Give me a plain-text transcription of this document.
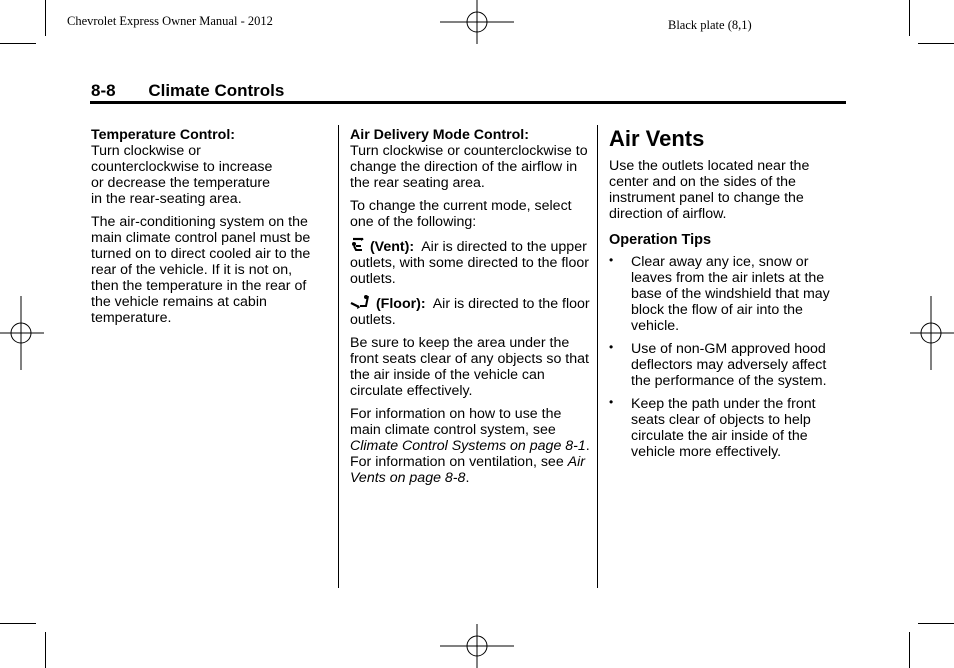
Chevrolet Express Owner Manual - 2012	Black plate (8,1)
8-8 Climate Controls

Temperature Control:
Turn clockwise or counterclockwise to increase or decrease the temperature in the rear-seating area.

The air-conditioning system on the main climate control panel must be turned on to direct cooled air to the rear of the vehicle. If it is not on, then the temperature in the rear of the vehicle remains at cabin temperature.

Air Delivery Mode Control:
Turn clockwise or counterclockwise to change the direction of the airflow in the rear seating area.

To change the current mode, select one of the following:

(Vent): Air is directed to the upper outlets, with some directed to the floor outlets.

(Floor): Air is directed to the floor outlets.

Be sure to keep the area under the front seats clear of any objects so that the air inside of the vehicle can circulate effectively.

For information on how to use the main climate control system, see Climate Control Systems on page 8-1. For information on ventilation, see Air Vents on page 8-8.

Air Vents

Use the outlets located near the center and on the sides of the instrument panel to change the direction of airflow.

Operation Tips
• Clear away any ice, snow or leaves from the air inlets at the base of the windshield that may block the flow of air into the vehicle.
• Use of non-GM approved hood deflectors may adversely affect the performance of the system.
• Keep the path under the front seats clear of objects to help circulate the air inside of the vehicle more effectively.
